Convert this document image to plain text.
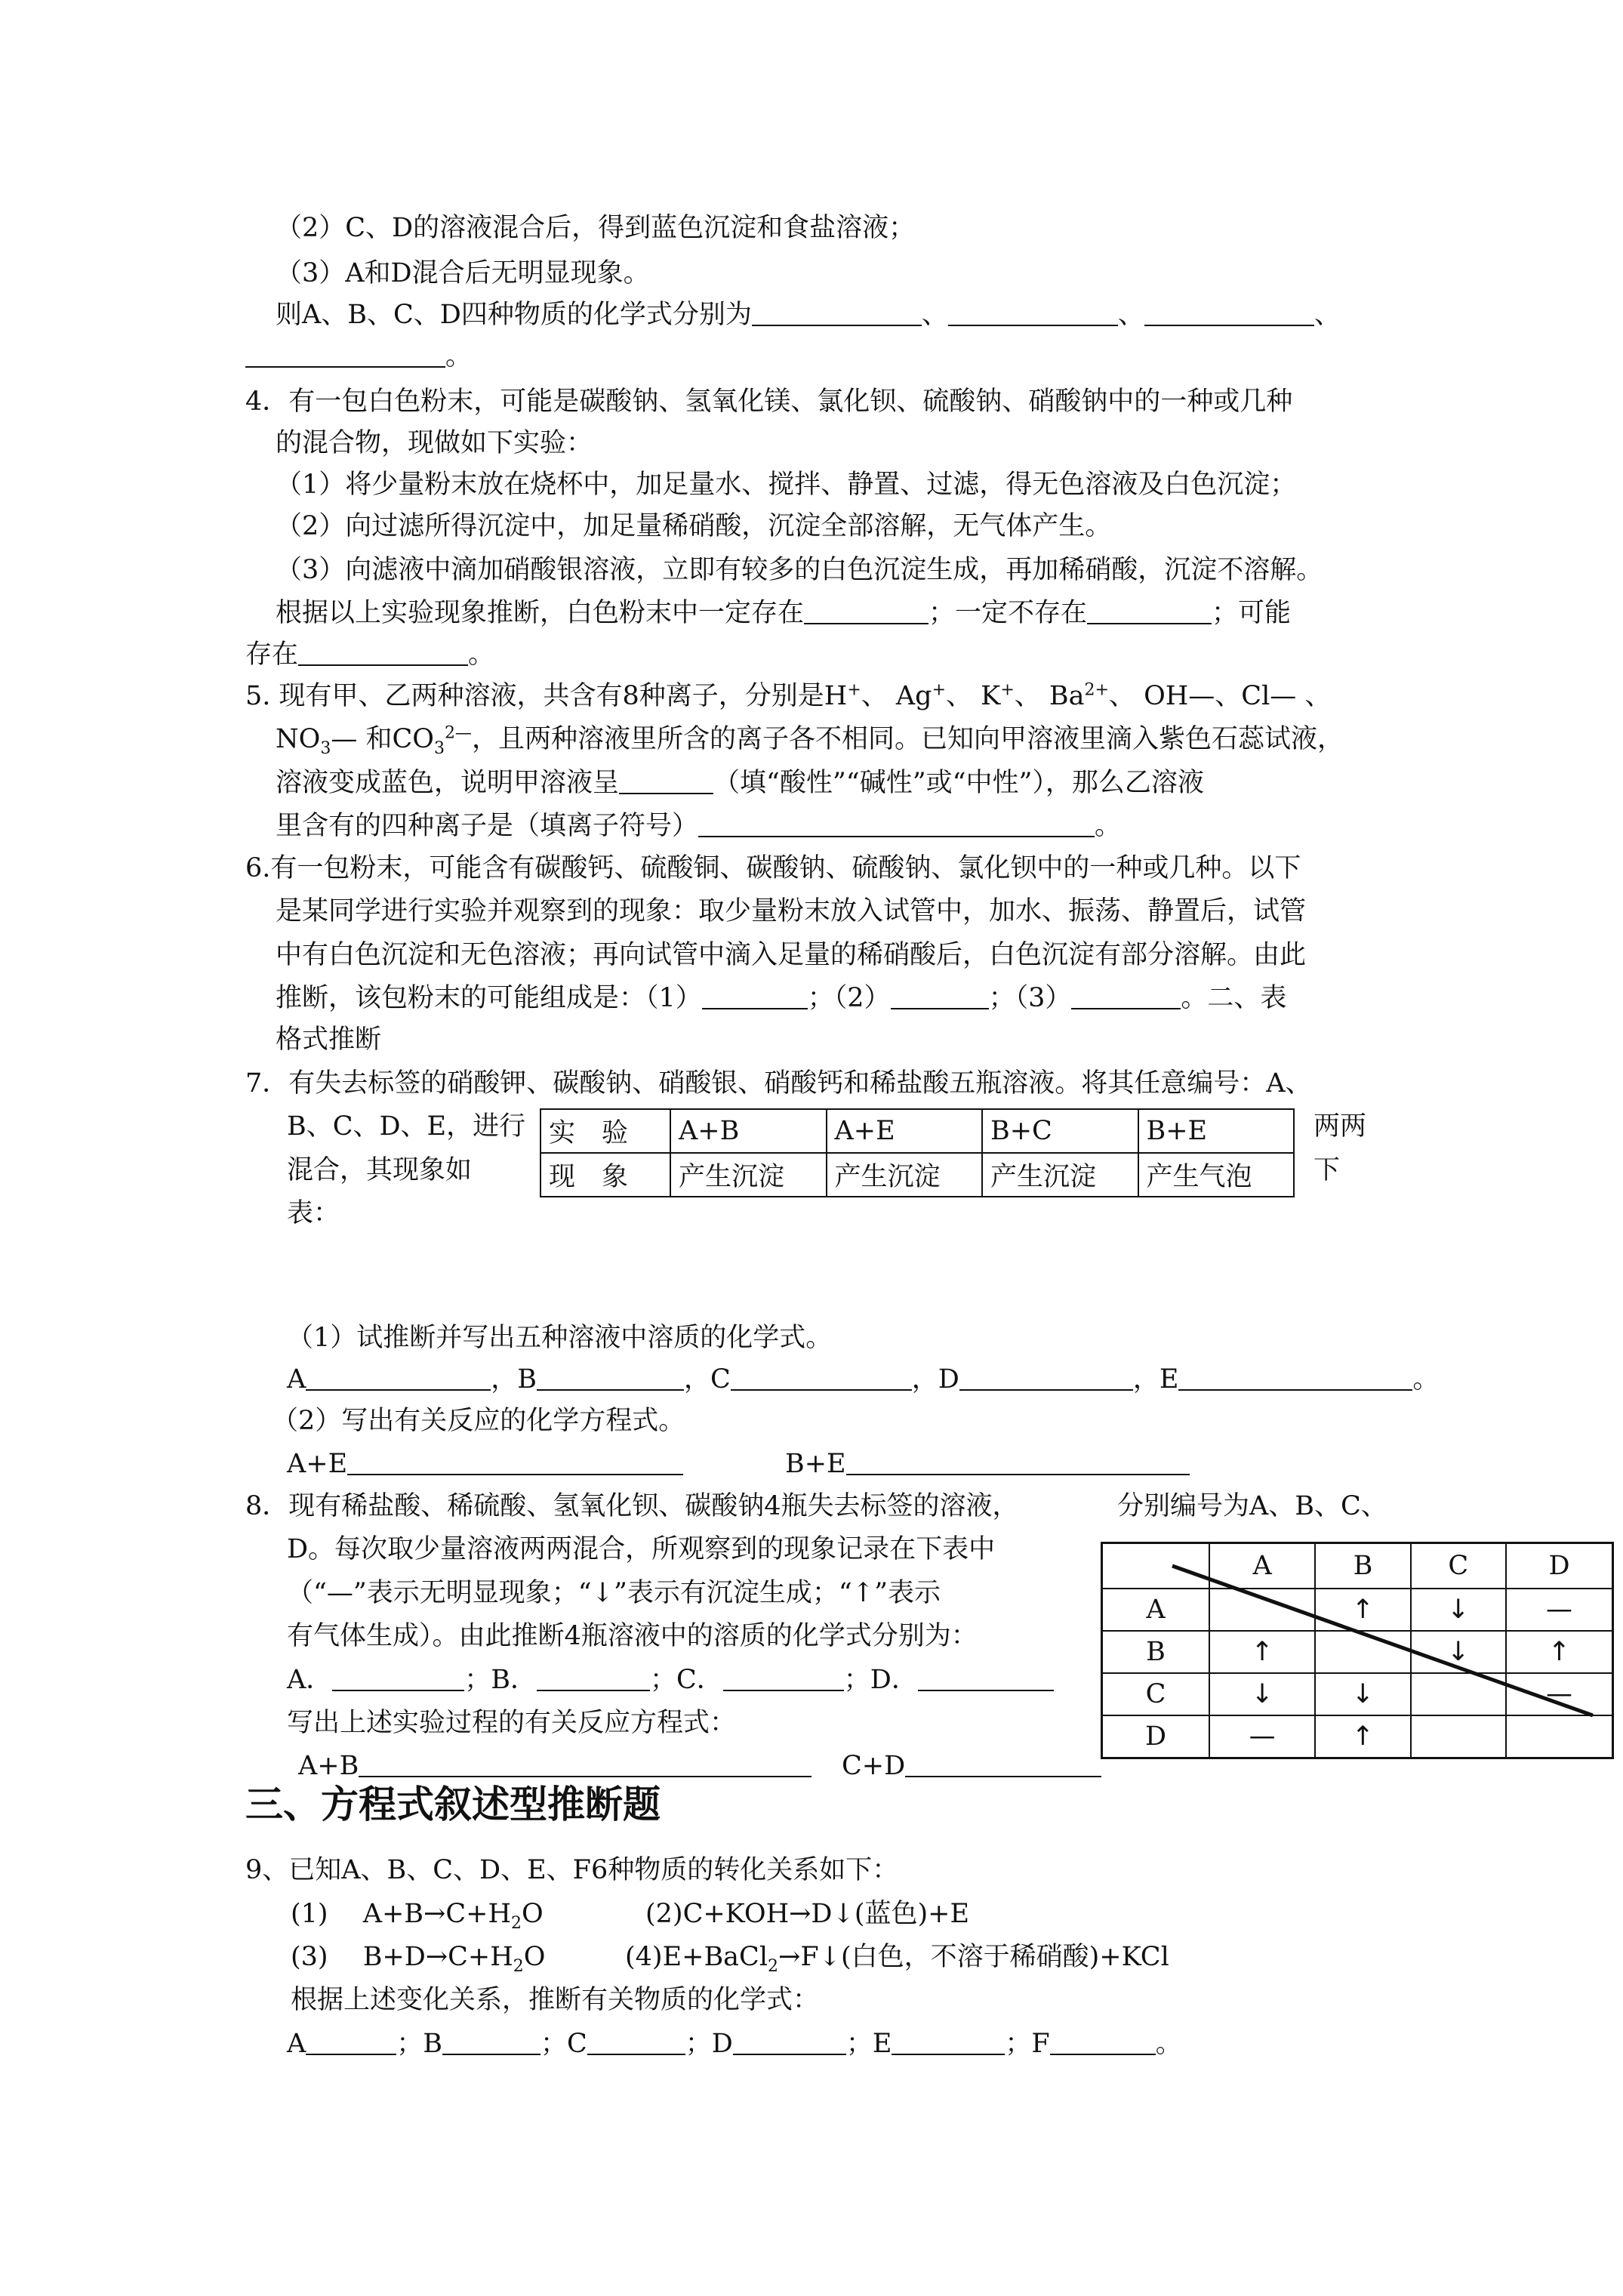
（2）C、D的溶液混合后，得到蓝色沉淀和食盐溶液；
（3）A和D混合后无明显现象。
则A、B、C、D四种物质的化学式分别为	、	、	、
。
4．有一包白色粉末，可能是碳酸钠、氢氧化镁、氯化钡、硫酸钠、硝酸钠中的一种或几种
的混合物，现做如下实验：
（1）将少量粉末放在烧杯中，加足量水、搅拌、静置、过滤，得无色溶液及白色沉淀；
（2）向过滤所得沉淀中，加足量稀硝酸，沉淀全部溶解，无气体产生。
（3）向滤液中滴加硝酸银溶液，立即有较多的白色沉淀生成，再加稀硝酸，沉淀不溶解。
根据以上实验现象推断，白色粉末中一定存在	；一定不存在	；可能
存在	。
5. 现有甲、乙两种溶液，共含有8种离子，分别是H+、 Ag+、 K+、 $Ba^{2+}$、 OH—、Cl— 、
$NO_3—$ 和$CO_3^{2—}$，且两种溶液里所含的离子各不相同。已知向甲溶液里滴入紫色石蕊试液，
溶液变成蓝色，说明甲溶液呈	（填“酸性”“碱性”或“中性”），那么乙溶液
里含有的四种离子是（填离子符号）	。
6.有一包粉末，可能含有碳酸钙、硫酸铜、碳酸钠、硫酸钠、氯化钡中的一种或几种。以下
是某同学进行实验并观察到的现象：取少量粉末放入试管中，加水、振荡、静置后，试管
中有白色沉淀和无色溶液；再向试管中滴入足量的稀硝酸后，白色沉淀有部分溶解。由此
推断，该包粉末的可能组成是：（1）	；（2）	；（3）	。二、表
格式推断
7．有失去标签的硝酸钾、碳酸钠、硝酸银、硝酸钙和稀盐酸五瓶溶液。将其任意编号：A、
B、C、D、E，进行
混合，其现象如
表：
两两
下
实　验	A+B	A+E	B+C	B+E
现　象	产生沉淀	产生沉淀	产生沉淀	产生气泡
（1）试推断并写出五种溶液中溶质的化学式。
A	，B	，C	，D	，E	。
（2）写出有关反应的化学方程式。
A+E	B+E
8．现有稀盐酸、稀硫酸、氢氧化钡、碳酸钠4瓶失去标签的溶液，	分别编号为A、B、C、
D。每次取少量溶液两两混合，所观察到的现象记录在下表中
（“—”表示无明显现象；“↓”表示有沉淀生成；“↑”表示
有气体生成）。由此推断4瓶溶液中的溶质的化学式分别为：
A．	；B．	；C．	；D．
写出上述实验过程的有关反应方程式：
A+B	C+D
	A	B	C	D
A		↑	↓	—
B	↑		↓	↑
C	↓	↓		—
D	—	↑		
三、方程式叙述型推断题
9、已知A、B、C、D、E、F6种物质的转化关系如下：
(1)　 $A+B\to C+H_2O$	(2)C+KOH→D↓(蓝色)+E
(3)　 $B+D\to C+H_2O$	(4)E+BaCl$_2$→F↓(白色，不溶于稀硝酸)+KCl
根据上述变化关系，推断有关物质的化学式：
A	；B	；C	；D	；E	；F	。
